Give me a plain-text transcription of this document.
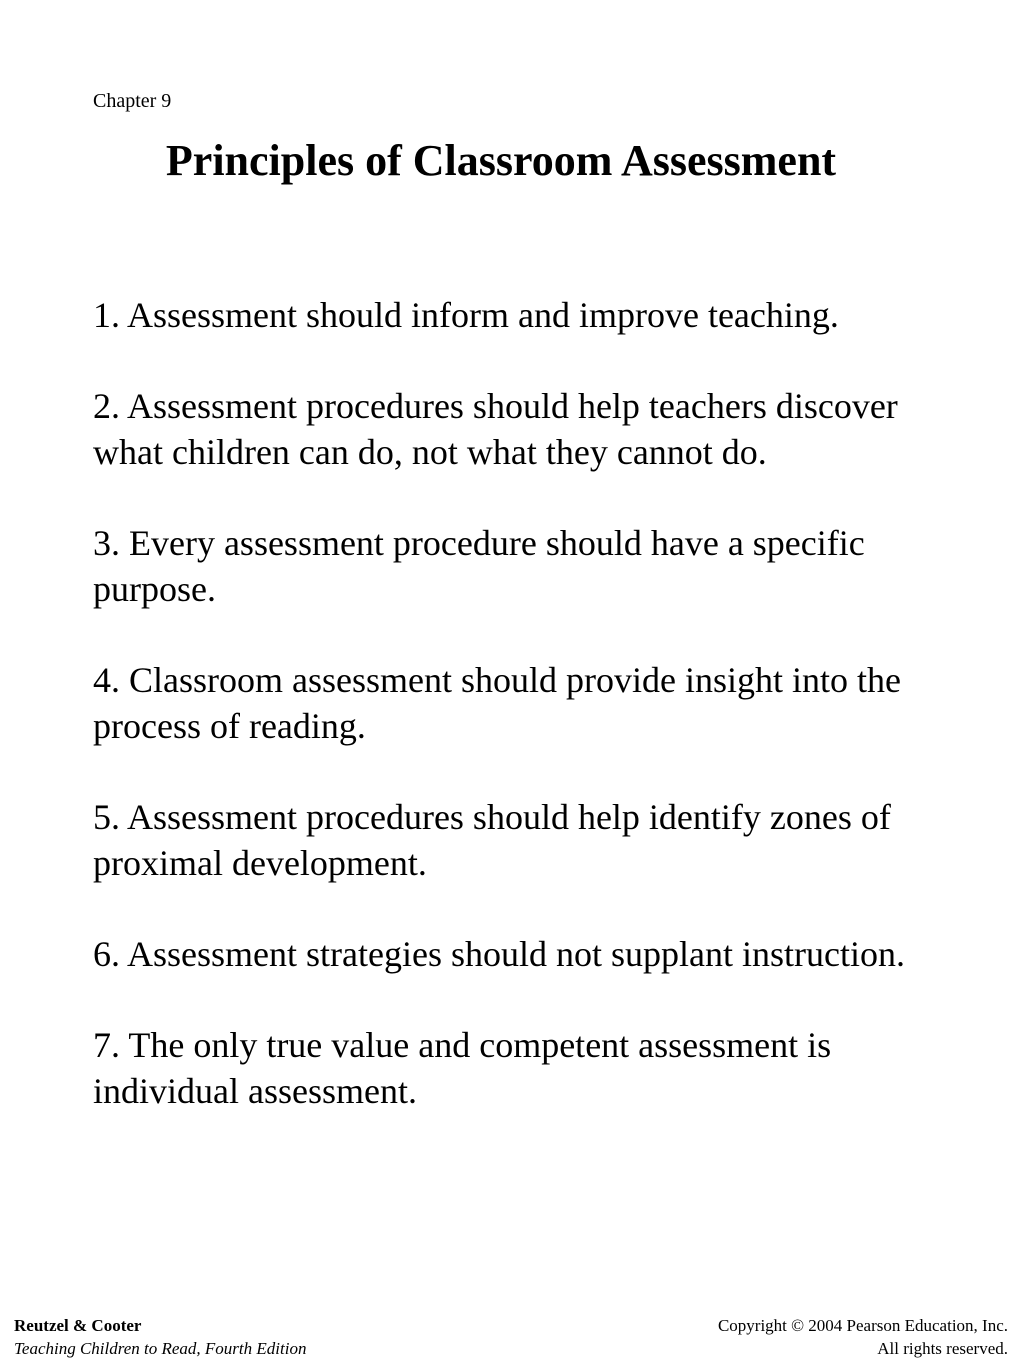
Chapter 9
Principles of Classroom Assessment
1. Assessment should inform and improve teaching.
2. Assessment procedures should help teachers discover what children can do, not what they cannot do.
3. Every assessment procedure should have a specific purpose.
4. Classroom assessment should provide insight into the process of reading.
5. Assessment procedures should help identify zones of proximal development.
6. Assessment strategies should not supplant instruction.
7. The only true value and competent assessment is individual assessment.
Reutzel & Cooter
Teaching Children to Read, Fourth Edition
Copyright © 2004 Pearson Education, Inc.
All rights reserved.
